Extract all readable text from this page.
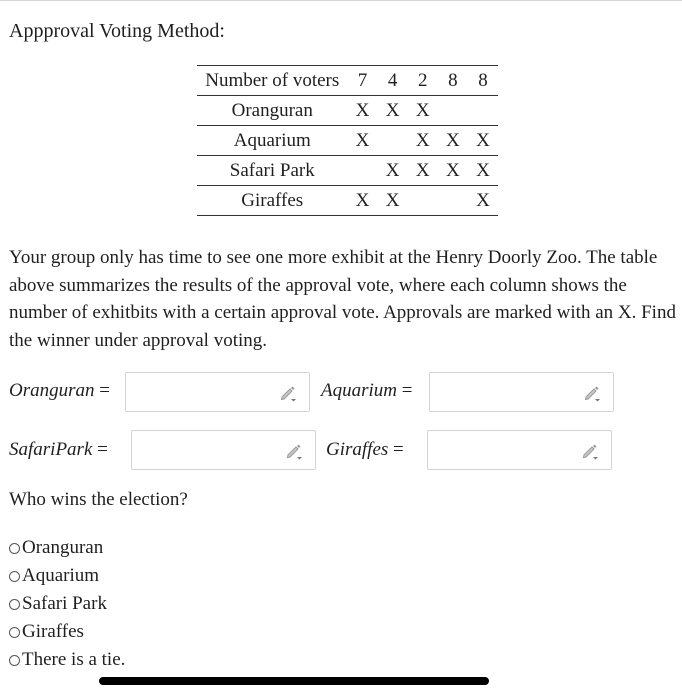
Appproval Voting Method:
Number of voters	7	4	2	8	8
Oranguran	X	X	X		
Aquarium	X		X	X	X
Safari Park		X	X	X	X
Giraffes	X	X			X
Your group only has time to see one more exhibit at the Henry Doorly Zoo. The table above summarizes the results of the approval vote, where each column shows the number of exhitbits with a certain approval vote. Approvals are marked with an X. Find the winner under approval voting.
Oranguran =	Aquarium =
SafariPark =	Giraffes =
Who wins the election?
Oranguran
Aquarium
Safari Park
Giraffes
There is a tie.
